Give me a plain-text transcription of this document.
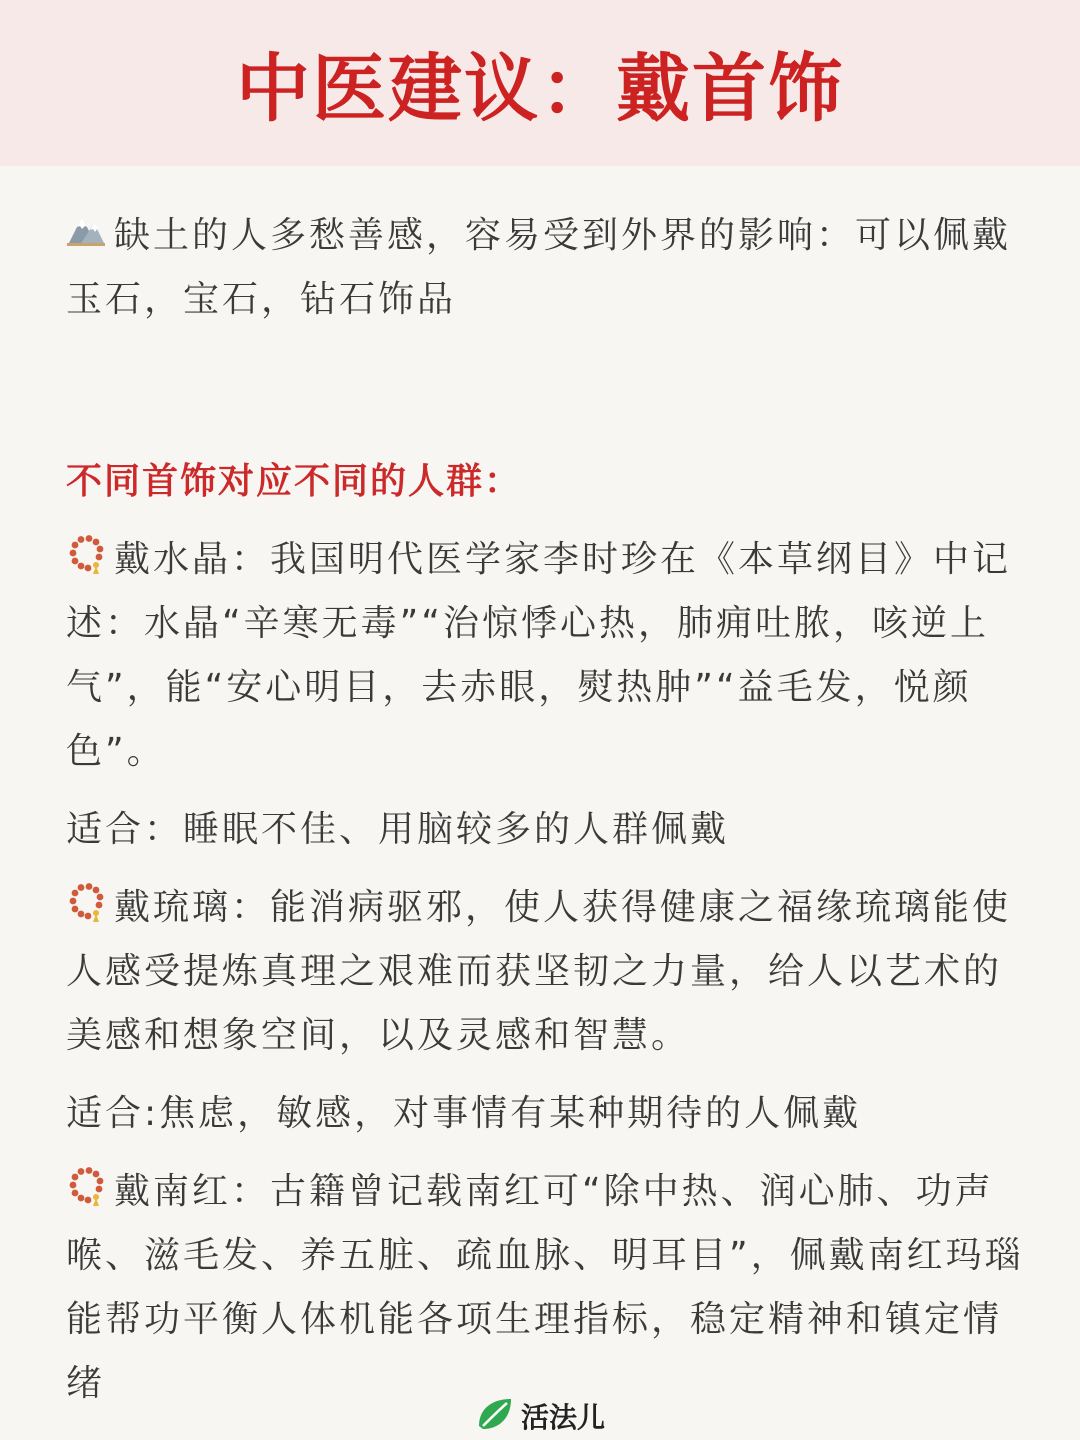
中医建议：戴首饰

缺土的人多愁善感，容易受到外界的影响：可以佩戴玉石，宝石，钻石饰品

不同首饰对应不同的人群：

戴水晶：我国明代医学家李时珍在《本草纲目》中记述：水晶“辛寒无毒”“治惊悸心热，肺痈吐脓，咳逆上气”，能“安心明目，去赤眼，熨热肿”“益毛发，悦颜色”。

适合：睡眠不佳、用脑较多的人群佩戴

戴琉璃：能消病驱邪，使人获得健康之福缘琉璃能使人感受提炼真理之艰难而获坚韧之力量，给人以艺术的美感和想象空间，以及灵感和智慧。

适合:焦虑，敏感，对事情有某种期待的人佩戴

戴南红：古籍曾记载南红可“除中热、润心肺、功声喉、滋毛发、养五脏、疏血脉、明耳目”，佩戴南红玛瑙能帮功平衡人体机能各项生理指标，稳定精神和镇定情绪

活法儿
